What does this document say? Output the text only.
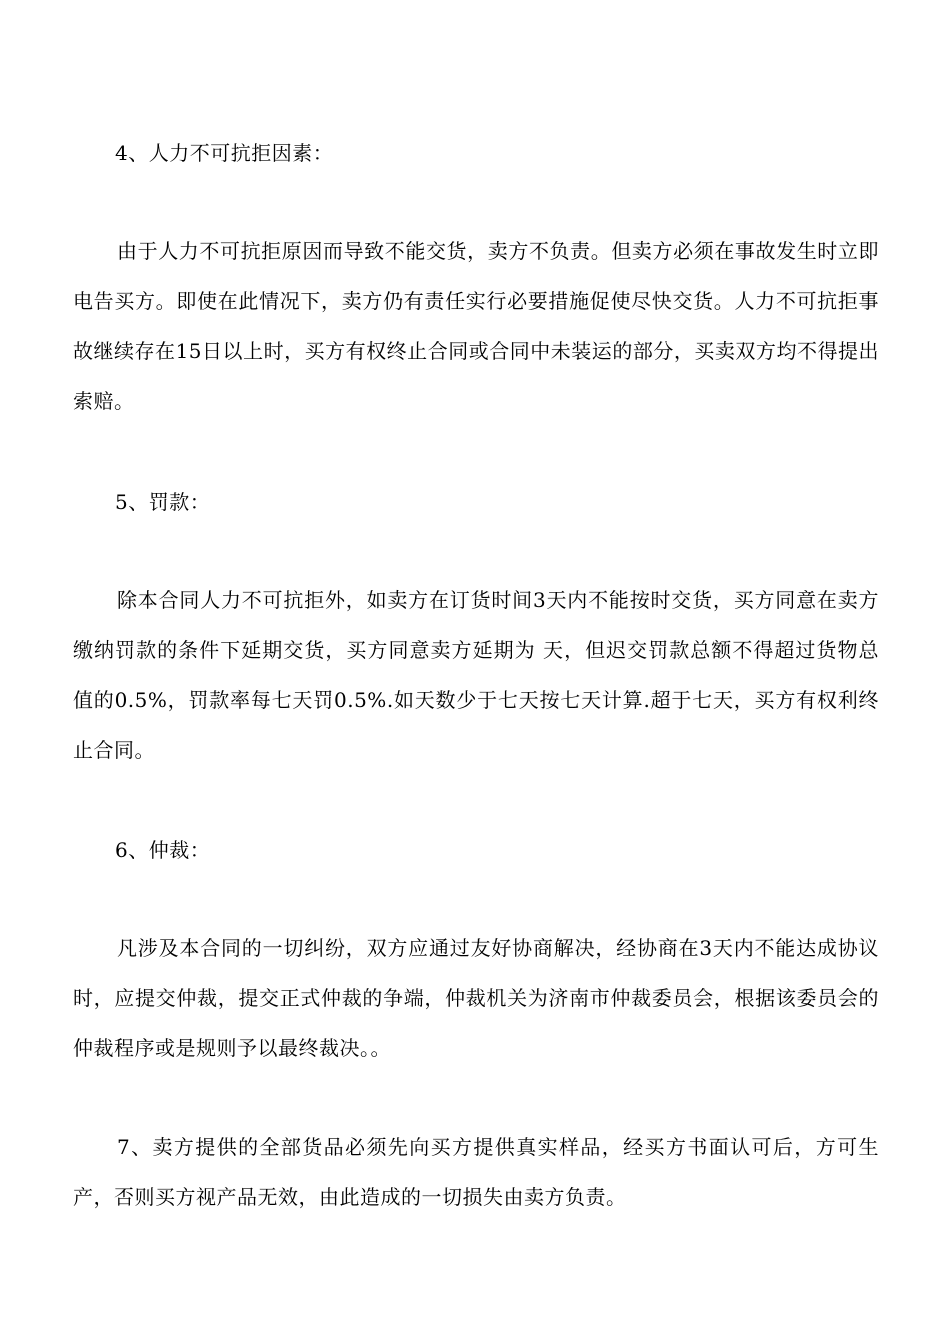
4、人力不可抗拒因素：
由于人力不可抗拒原因而导致不能交货，卖方不负责。但卖方必须在事故发生时立即电告买方。即使在此情况下，卖方仍有责任实行必要措施促使尽快交货。人力不可抗拒事故继续存在15日以上时，买方有权终止合同或合同中未装运的部分，买卖双方均不得提出索赔。
5、罚款：
除本合同人力不可抗拒外，如卖方在订货时间3天内不能按时交货，买方同意在卖方缴纳罚款的条件下延期交货，买方同意卖方延期为 天，但迟交罚款总额不得超过货物总值的0.5%，罚款率每七天罚0.5%.如天数少于七天按七天计算.超于七天，买方有权利终止合同。
6、仲裁：
凡涉及本合同的一切纠纷，双方应通过友好协商解决，经协商在3天内不能达成协议时，应提交仲裁，提交正式仲裁的争端，仲裁机关为济南市仲裁委员会，根据该委员会的仲裁程序或是规则予以最终裁决。。
7、卖方提供的全部货品必须先向买方提供真实样品，经买方书面认可后，方可生产，否则买方视产品无效，由此造成的一切损失由卖方负责。
